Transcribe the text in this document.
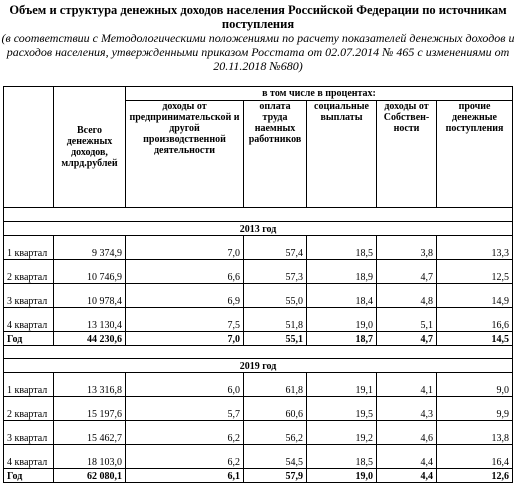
Объем и структура денежных доходов населения Российской Федерации по источникам поступления
(в соответствии с Методологическими положениями по расчету показателей денежных доходов и расходов населения, утвержденными приказом Росстата от 02.07.2014 № 465 с изменениями от 20.11.2018 №680)
	Всего денежных доходов, млрд.рублей	в том числе в процентах:				
		доходы от предпринимательской и другой производственной деятельности	оплата труда наемных работников	социальные выплаты	доходы от Собствен-ности	прочие денежные поступления

2013 год						
1 квартал	9 374,9	7,0	57,4	18,5	3,8	13,3
2 квартал	10 746,9	6,6	57,3	18,9	4,7	12,5
3 квартал	10 978,4	6,9	55,0	18,4	4,8	14,9
4 квартал	13 130,4	7,5	51,8	19,0	5,1	16,6
Год	44 230,6	7,0	55,1	18,7	4,7	14,5

2019 год						
1 квартал	13 316,8	6,0	61,8	19,1	4,1	9,0
2 квартал	15 197,6	5,7	60,6	19,5	4,3	9,9
3 квартал	15 462,7	6,2	56,2	19,2	4,6	13,8
4 квартал	18 103,0	6,2	54,5	18,5	4,4	16,4
Год	62 080,1	6,1	57,9	19,0	4,4	12,6
